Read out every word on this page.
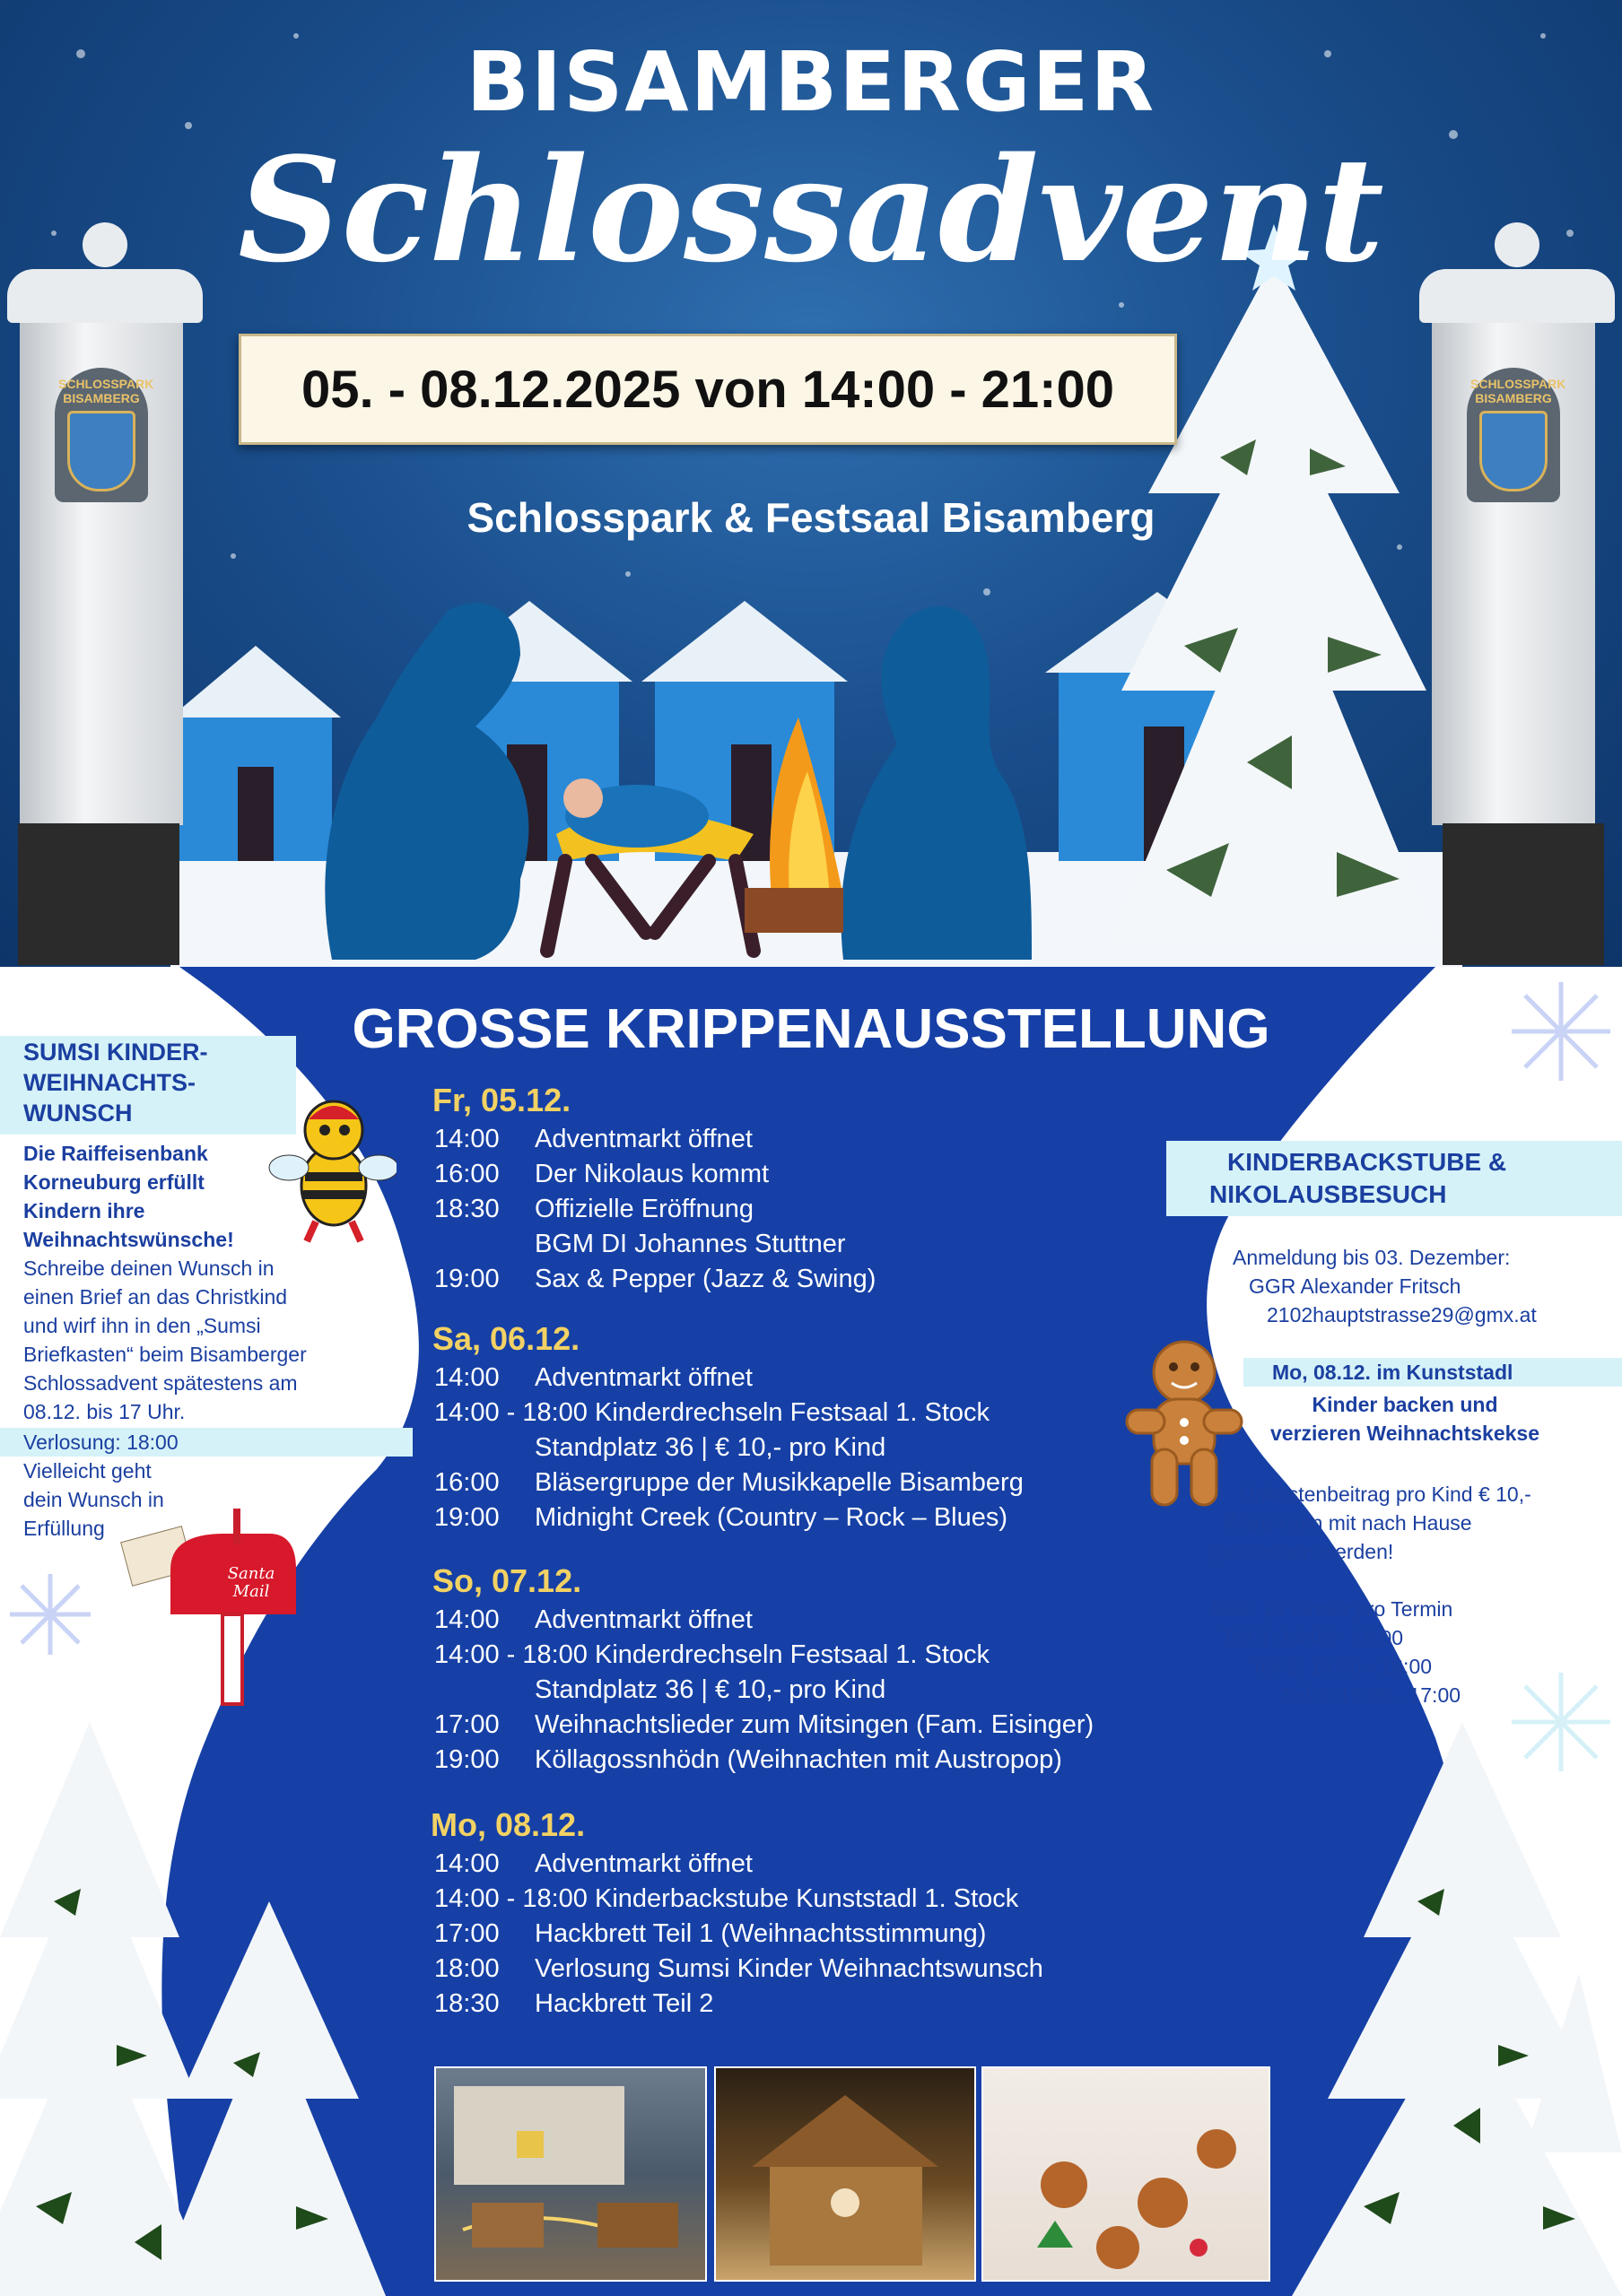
SCHLOSSPARK BISAMBERG
SCHLOSSPARK BISAMBERG
BISAMBERGER
Schlossadvent
05. - 08.12.2025 von 14:00 - 21:00
Schlosspark & Festsaal Bisamberg
GROSSE KRIPPENAUSSTELLUNG
Fr, 05.12.
14:00 Adventmarkt öffnet
16:00 Der Nikolaus kommt
18:30 Offizielle Eröffnung
BGM DI Johannes Stuttner
19:00 Sax & Pepper (Jazz & Swing)
Sa, 06.12.
14:00 Adventmarkt öffnet
14:00 - 18:00 Kinderdrechseln Festsaal 1. Stock
Standplatz 36 | € 10,- pro Kind
16:00 Bläsergruppe der Musikkapelle Bisamberg
19:00 Midnight Creek (Country – Rock – Blues)
So, 07.12.
14:00 Adventmarkt öffnet
14:00 - 18:00 Kinderdrechseln Festsaal 1. Stock
Standplatz 36 | € 10,- pro Kind
17:00 Weihnachtslieder zum Mitsingen (Fam. Eisinger)
19:00 Köllagossnhödn (Weihnachten mit Austropop)
Mo, 08.12.
14:00 Adventmarkt öffnet
14:00 - 18:00 Kinderbackstube Kunststadl 1. Stock
17:00 Hackbrett Teil 1 (Weihnachtsstimmung)
18:00 Verlosung Sumsi Kinder Weihnachtswunsch
18:30 Hackbrett Teil 2
SUMSI KINDER-
WEIHNACHTS-
WUNSCH
Die Raiffeisenbank
Korneuburg erfüllt
Kindern ihre
Weihnachtswünsche!
Schreibe deinen Wunsch in
einen Brief an das Christkind
und wirf ihn in den „Sumsi
Briefkasten“ beim Bisamberger
Schlossadvent spätestens am
08.12. bis 17 Uhr.
Verlosung: 18:00
Vielleicht geht
dein Wunsch in
Erfüllung
Santa Mail
KINDERBACKSTUBE &
NIKOLAUSBESUCH
Anmeldung bis 03. Dezember:
GGR Alexander Fritsch
2102hauptstrasse29@gmx.at
Mo, 08.12. im Kunststadl
Kinder backen und
verzieren Weihnachtskekse
Unkostenbeitrag pro Kind € 10,-
Ware kann mit nach Hause
genommen werden!
Max. 10 Kinder pro Termin
Teil 1: 14:00 - 15:00
Teil 2: 15:00 - 16:00
Teil 3: 16:00 - 17:00
